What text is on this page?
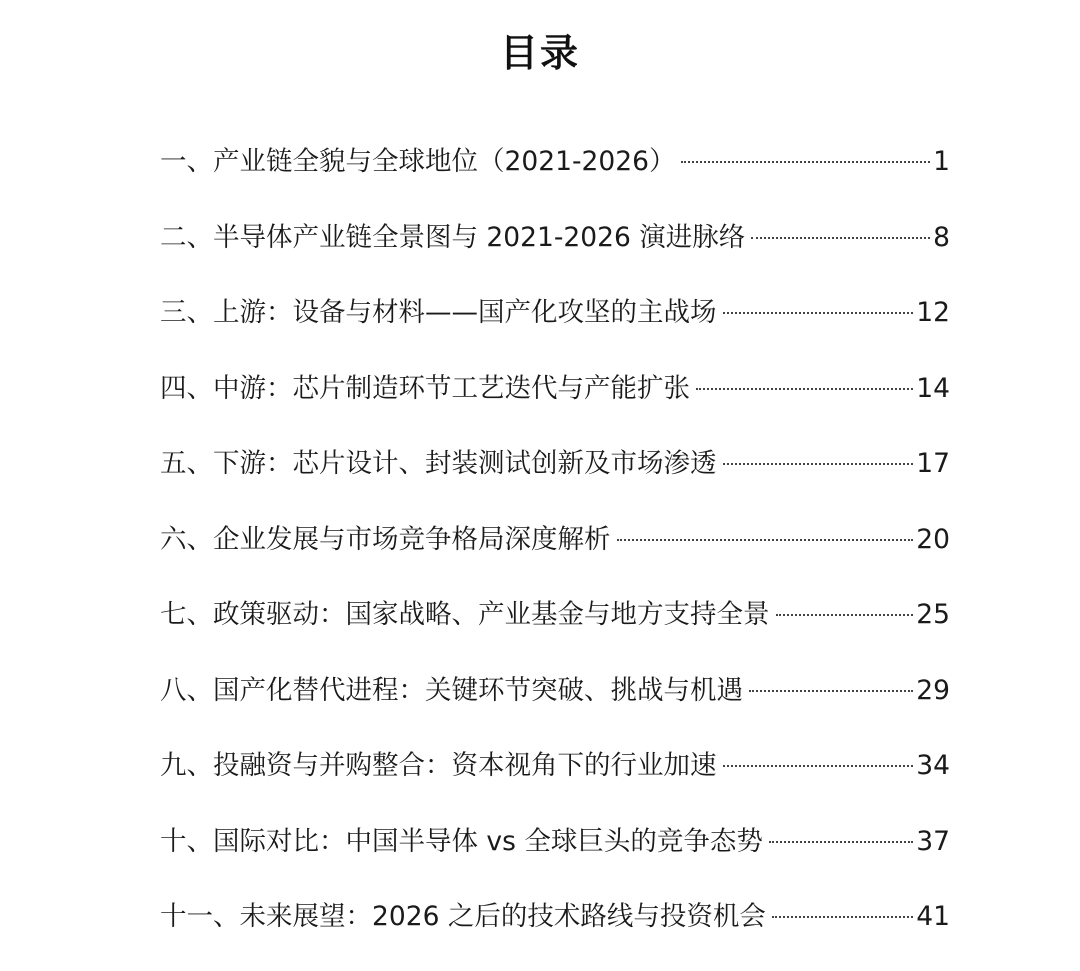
目录
一、产业链全貌与全球地位（2021-2026）	1
二、半导体产业链全景图与 2021-2026 演进脉络	8
三、上游：设备与材料——国产化攻坚的主战场	12
四、中游：芯片制造环节工艺迭代与产能扩张	14
五、下游：芯片设计、封装测试创新及市场渗透	17
六、企业发展与市场竞争格局深度解析	20
七、政策驱动：国家战略、产业基金与地方支持全景	25
八、国产化替代进程：关键环节突破、挑战与机遇	29
九、投融资与并购整合：资本视角下的行业加速	34
十、国际对比：中国半导体 vs 全球巨头的竞争态势	37
十一、未来展望：2026 之后的技术路线与投资机会	41
